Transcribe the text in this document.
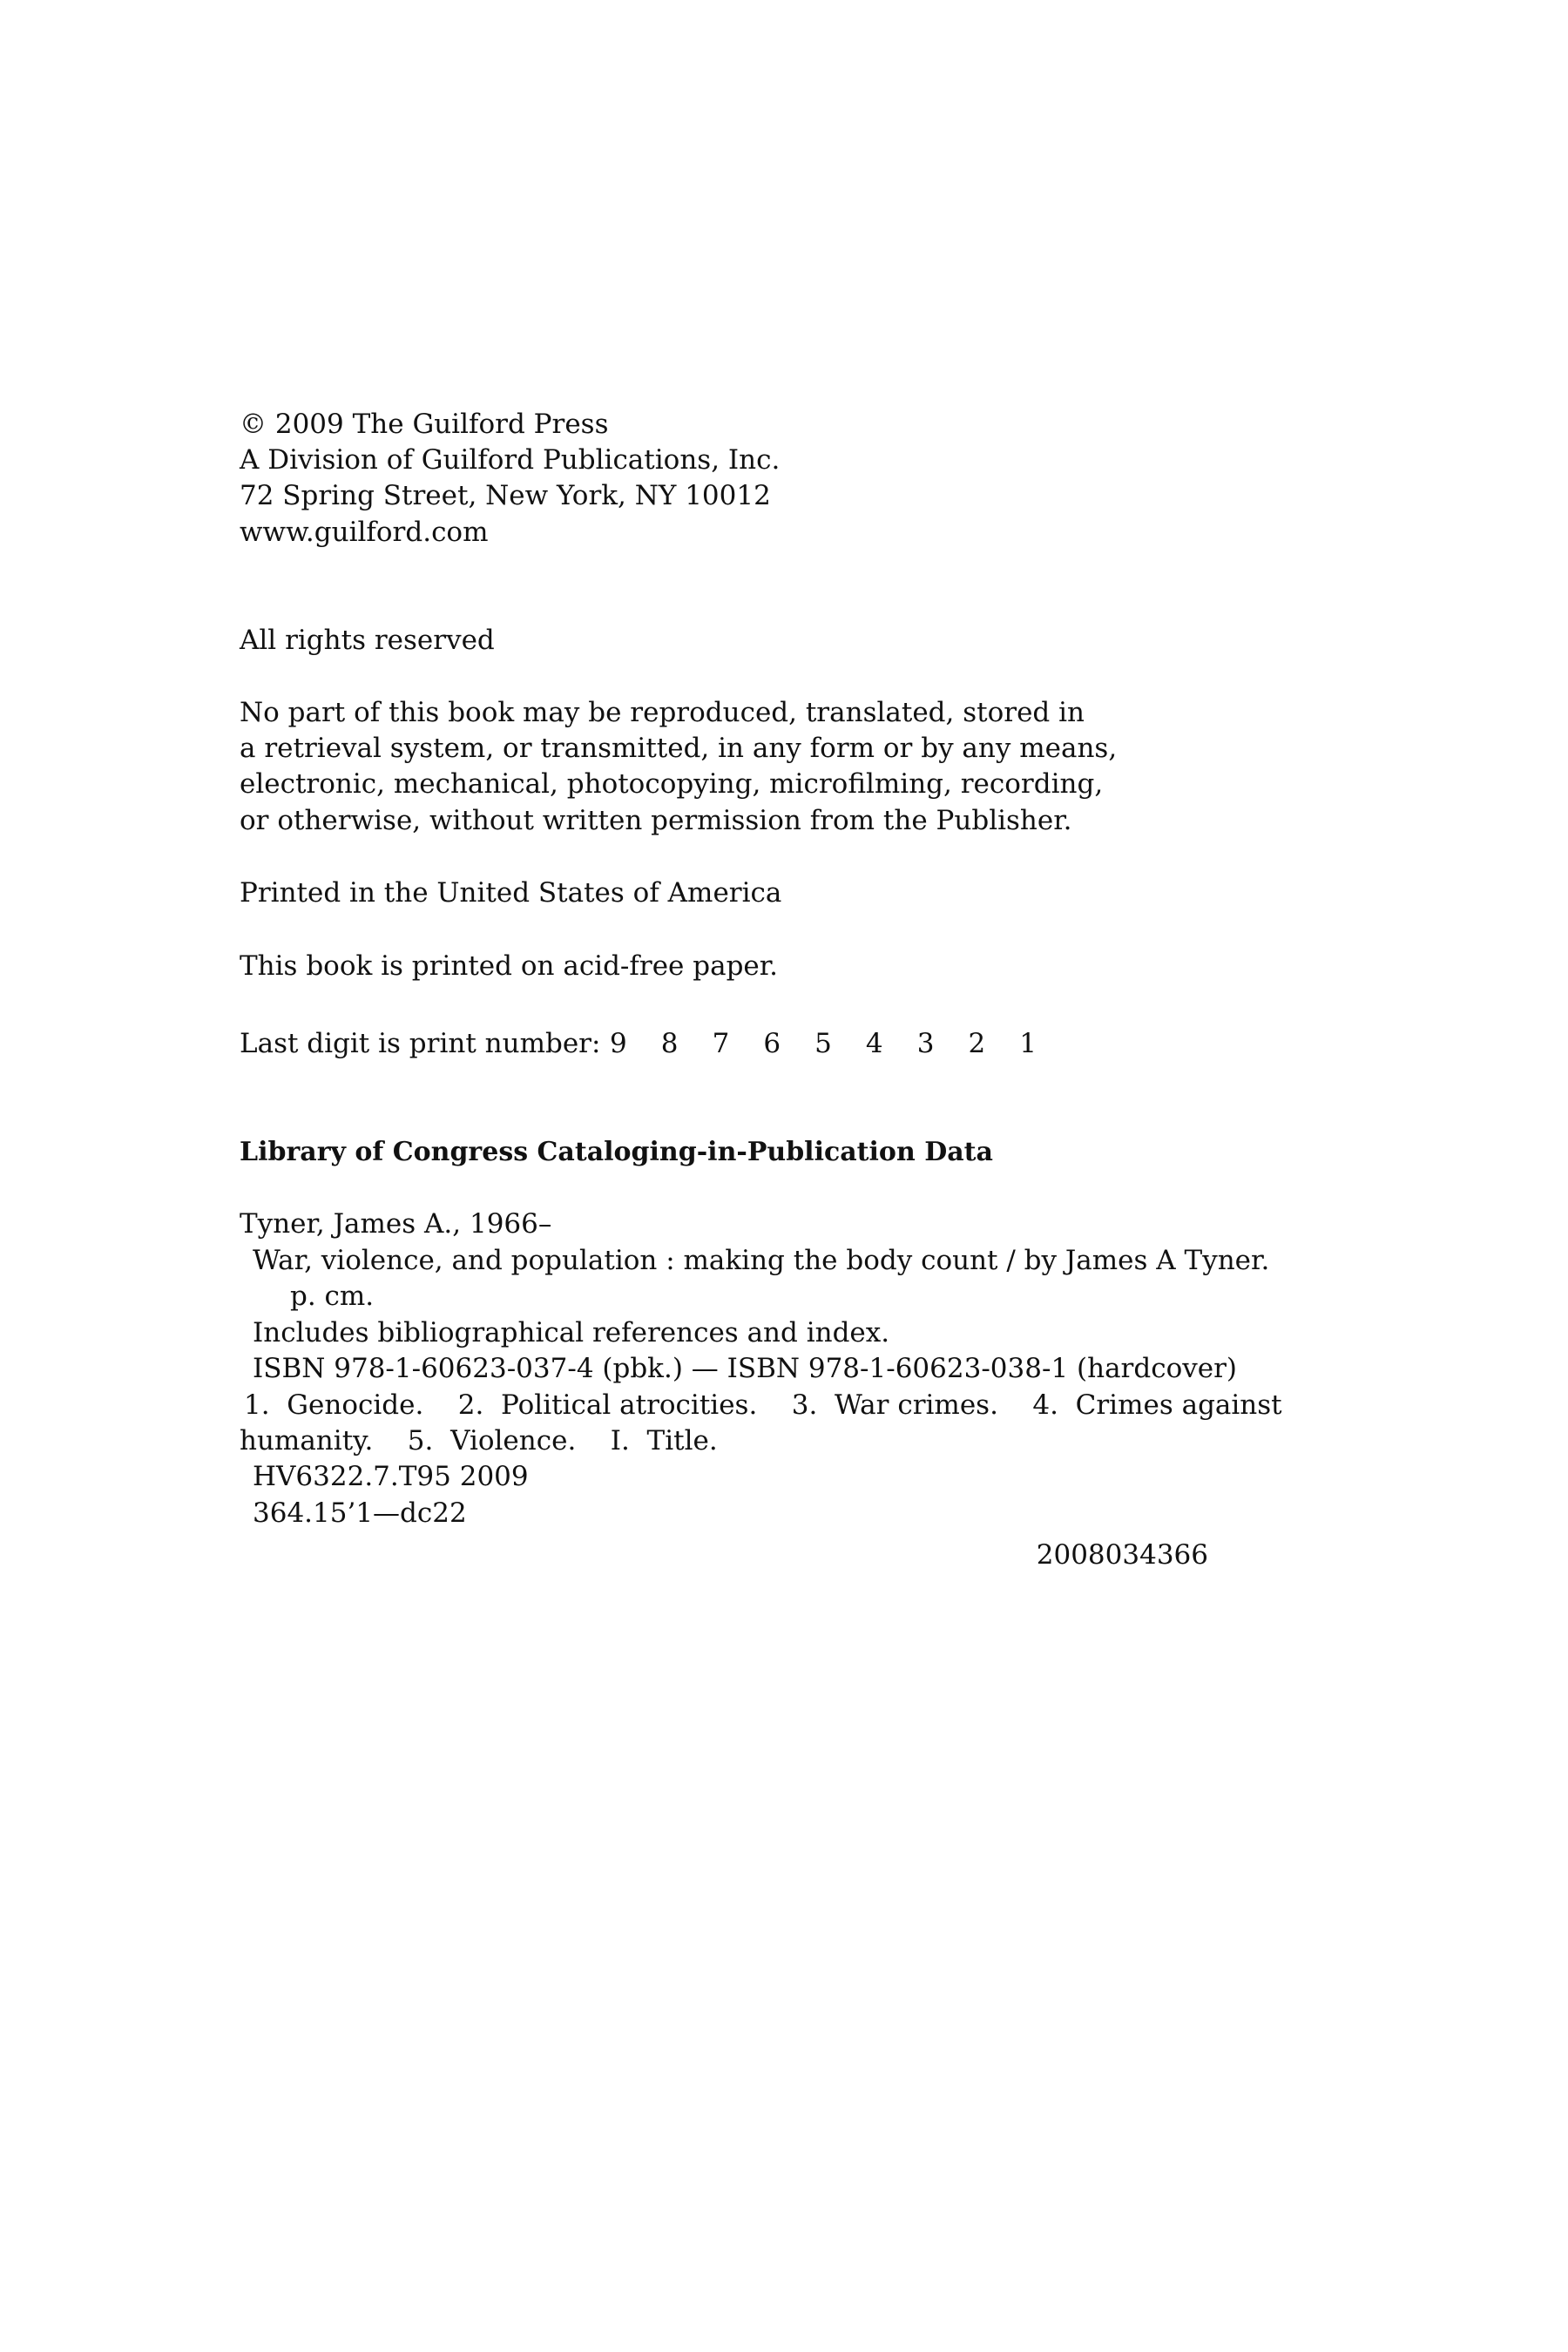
© 2009 The Guilford Press
A Division of Guilford Publications, Inc.
72 Spring Street, New York, NY 10012
www.guilford.com
All rights reserved
No part of this book may be reproduced, translated, stored in
a retrieval system, or transmitted, in any form or by any means,
electronic, mechanical, photocopying, microfilming, recording,
or otherwise, without written permission from the Publisher.
Printed in the United States of America
This book is printed on acid-free paper.
Last digit is print number: 9 8 7 6 5 4 3 2 1
Library of Congress Cataloging-in-Publication Data
Tyner, James A., 1966–
War, violence, and population : making the body count / by James A Tyner.
p. cm.
Includes bibliographical references and index.
ISBN 978-1-60623-037-4 (pbk.) — ISBN 978-1-60623-038-1 (hardcover)
1.  Genocide.    2.  Political atrocities.    3.  War crimes.    4.  Crimes against
humanity.    5.  Violence.    I.  Title.
HV6322.7.T95 2009
364.15’1—dc22
2008034366
